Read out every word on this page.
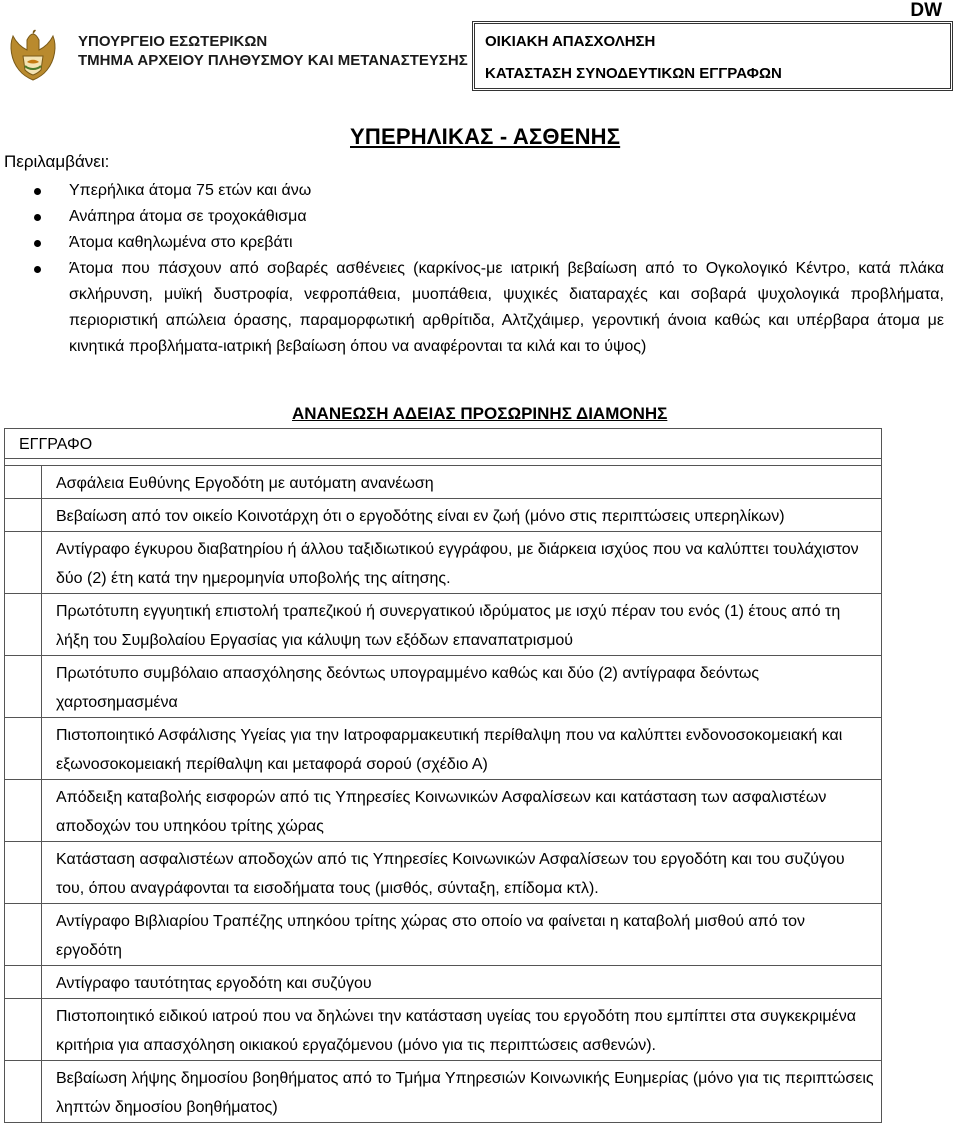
DW
ΥΠΟΥΡΓΕΙΟ ΕΣΩΤΕΡΙΚΩΝ
ΤΜΗΜΑ ΑΡΧΕΙΟΥ ΠΛΗΘΥΣΜΟΥ ΚΑΙ ΜΕΤΑΝΑΣΤΕΥΣΗΣ
ΟΙΚΙΑΚΗ ΑΠΑΣΧΟΛΗΣΗ
ΚΑΤΑΣΤΑΣΗ ΣΥΝΟΔΕΥΤΙΚΩΝ ΕΓΓΡΑΦΩΝ
ΥΠΕΡΗΛΙΚΑΣ - ΑΣΘΕΝΗΣ
Περιλαμβάνει:
Υπερήλικα άτομα 75 ετών και άνω
Ανάπηρα άτομα σε τροχοκάθισμα
Άτομα καθηλωμένα στο κρεβάτι
Άτομα που πάσχουν από σοβαρές ασθένειες (καρκίνος-με ιατρική βεβαίωση από το Ογκολογικό Κέντρο, κατά πλάκα σκλήρυνση, μυϊκή δυστροφία, νεφροπάθεια, μυοπάθεια, ψυχικές διαταραχές και σοβαρά ψυχολογικά προβλήματα, περιοριστική απώλεια όρασης, παραμορφωτική αρθρίτιδα, Αλτζχάιμερ, γεροντική άνοια καθώς και υπέρβαρα άτομα με κινητικά προβλήματα-ιατρική βεβαίωση όπου να αναφέρονται τα κιλά και το ύψος)
ΑΝΑΝΕΩΣΗ ΑΔΕΙΑΣ ΠΡΟΣΩΡΙΝΗΣ ΔΙΑΜΟΝΗΣ
ΕΓΓΡΑΦΟ	

	Ασφάλεια Ευθύνης Εργοδότη με αυτόματη ανανέωση
	Βεβαίωση από τον οικείο Κοινοτάρχη ότι ο εργοδότης είναι εν ζωή (μόνο στις περιπτώσεις υπερηλίκων)
	Αντίγραφο έγκυρου διαβατηρίου ή άλλου ταξιδιωτικού εγγράφου, με διάρκεια ισχύος που να καλύπτει τουλάχιστον δύο (2) έτη κατά την ημερομηνία υποβολής της αίτησης.
	Πρωτότυπη εγγυητική επιστολή τραπεζικού ή συνεργατικού ιδρύματος με ισχύ πέραν του ενός (1) έτους από τη λήξη του Συμβολαίου Εργασίας για κάλυψη των εξόδων επαναπατρισμού
	Πρωτότυπο συμβόλαιο απασχόλησης δεόντως υπογραμμένο καθώς και δύο (2) αντίγραφα δεόντως χαρτοσημασμένα
	Πιστοποιητικό Ασφάλισης Υγείας για την Ιατροφαρμακευτική περίθαλψη που να καλύπτει ενδονοσοκομειακή και εξωνοσοκομειακή περίθαλψη και μεταφορά σορού (σχέδιο Α)
	Απόδειξη καταβολής εισφορών από τις Υπηρεσίες Κοινωνικών Ασφαλίσεων και κατάσταση των ασφαλιστέων αποδοχών του υπηκόου τρίτης χώρας
	Κατάσταση ασφαλιστέων αποδοχών από τις Υπηρεσίες Κοινωνικών Ασφαλίσεων του εργοδότη και του συζύγου του, όπου αναγράφονται τα εισοδήματα τους (μισθός, σύνταξη, επίδομα κτλ).
	Αντίγραφο Βιβλιαρίου Τραπέζης υπηκόου τρίτης χώρας στο οποίο να φαίνεται η καταβολή μισθού από τον εργοδότη
	Αντίγραφο ταυτότητας εργοδότη και συζύγου
	Πιστοποιητικό ειδικού ιατρού που να δηλώνει την κατάσταση υγείας του εργοδότη που εμπίπτει στα συγκεκριμένα κριτήρια για απασχόληση οικιακού εργαζόμενου (μόνο για τις περιπτώσεις ασθενών).
	Βεβαίωση λήψης δημοσίου βοηθήματος από το Τμήμα Υπηρεσιών Κοινωνικής Ευημερίας (μόνο για τις περιπτώσεις ληπτών δημοσίου βοηθήματος)
